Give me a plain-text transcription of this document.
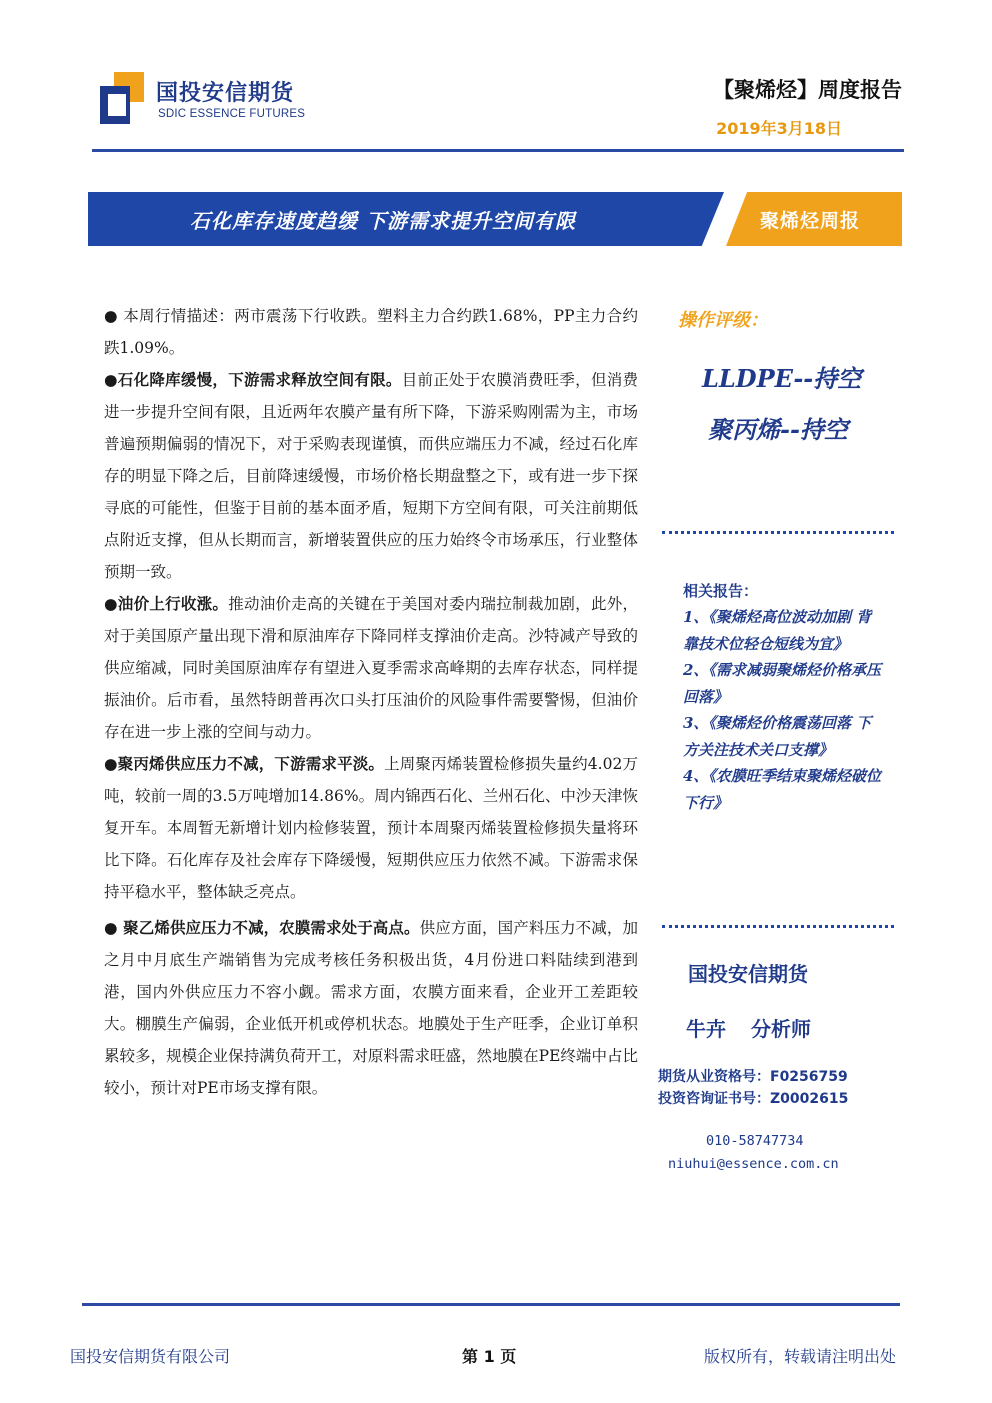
国投安信期货
SDIC ESSENCE FUTURES
【聚烯烃】周度报告
2019年3月18日
石化库存速度趋缓 下游需求提升空间有限	聚烯烃周报

● 本周行情描述：两市震荡下行收跌。塑料主力合约跌1.68%，PP主力合约跌1.09%。

●石化降库缓慢，下游需求释放空间有限。目前正处于农膜消费旺季，但消费进一步提升空间有限，且近两年农膜产量有所下降，下游采购刚需为主，市场普遍预期偏弱的情况下，对于采购表现谨慎，而供应端压力不减，经过石化库存的明显下降之后，目前降速缓慢，市场价格长期盘整之下，或有进一步下探寻底的可能性，但鉴于目前的基本面矛盾，短期下方空间有限，可关注前期低点附近支撑，但从长期而言，新增装置供应的压力始终令市场承压，行业整体预期一致。

●油价上行收涨。推动油价走高的关键在于美国对委内瑞拉制裁加剧，此外，对于美国原产量出现下滑和原油库存下降同样支撑油价走高。沙特减产导致的供应缩减，同时美国原油库存有望进入夏季需求高峰期的去库存状态，同样提振油价。后市看，虽然特朗普再次口头打压油价的风险事件需要警惕，但油价存在进一步上涨的空间与动力。

●聚丙烯供应压力不减，下游需求平淡。上周聚丙烯装置检修损失量约4.02万吨，较前一周的3.5万吨增加14.86%。周内锦西石化、兰州石化、中沙天津恢复开车。本周暂无新增计划内检修装置，预计本周聚丙烯装置检修损失量将环比下降。石化库存及社会库存下降缓慢，短期供应压力依然不减。下游需求保持平稳水平，整体缺乏亮点。

● 聚乙烯供应压力不减，农膜需求处于高点。供应方面，国产料压力不减，加之月中月底生产端销售为完成考核任务积极出货，4月份进口料陆续到港到港，国内外供应压力不容小觑。需求方面，农膜方面来看，企业开工差距较大。棚膜生产偏弱，企业低开机或停机状态。地膜处于生产旺季，企业订单积累较多，规模企业保持满负荷开工，对原料需求旺盛，然地膜在PE终端中占比较小，预计对PE市场支撑有限。

操作评级：
LLDPE--持空
聚丙烯--持空
相关报告：
1、《聚烯烃高位波动加剧 背靠技术位轻仓短线为宜》
2、《需求减弱聚烯烃价格承压回落》
3、《聚烯烃价格震荡回落 下方关注技术关口支撑》
4、《农膜旺季结束聚烯烃破位下行》
国投安信期货
牛卉 分析师
期货从业资格号：F0256759
投资咨询证书号：Z0002615
010-58747734
niuhui@essence.com.cn
国投安信期货有限公司	第 1 页	版权所有，转载请注明出处
